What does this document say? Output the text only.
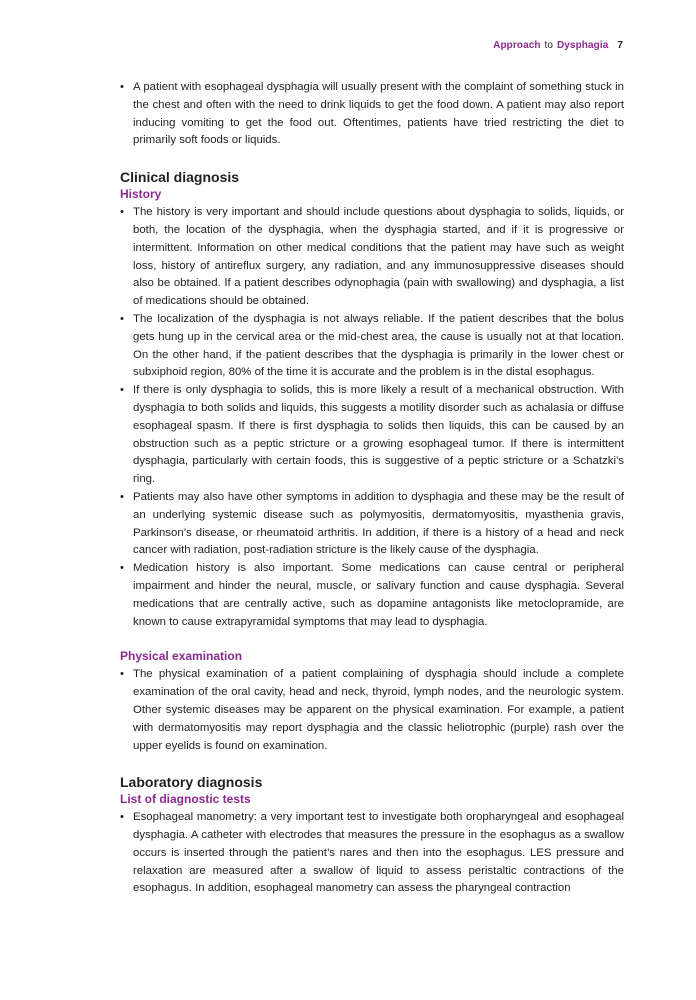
Approach to Dysphagia 7
• A patient with esophageal dysphagia will usually present with the complaint of something stuck in the chest and often with the need to drink liquids to get the food down. A patient may also report inducing vomiting to get the food out. Oftentimes, patients have tried restricting the diet to primarily soft foods or liquids.
Clinical diagnosis
History
• The history is very important and should include questions about dysphagia to solids, liquids, or both, the location of the dysphagia, when the dysphagia started, and if it is progressive or intermittent. Information on other medical conditions that the patient may have such as weight loss, history of antireflux surgery, any radiation, and any immunosuppressive diseases should also be obtained. If a patient describes odynophagia (pain with swallowing) and dysphagia, a list of medications should be obtained.
• The localization of the dysphagia is not always reliable. If the patient describes that the bolus gets hung up in the cervical area or the mid-chest area, the cause is usually not at that location. On the other hand, if the patient describes that the dysphagia is primarily in the lower chest or subxiphoid region, 80% of the time it is accurate and the problem is in the distal esophagus.
• If there is only dysphagia to solids, this is more likely a result of a mechanical obstruction. With dysphagia to both solids and liquids, this suggests a motility disorder such as achalasia or diffuse esophageal spasm. If there is first dysphagia to solids then liquids, this can be caused by an obstruction such as a peptic stricture or a growing esophageal tumor. If there is intermittent dysphagia, particularly with certain foods, this is suggestive of a peptic stricture or a Schatzki’s ring.
• Patients may also have other symptoms in addition to dysphagia and these may be the result of an underlying systemic disease such as polymyositis, dermatomyositis, myasthenia gravis, Parkinson’s disease, or rheumatoid arthritis. In addition, if there is a history of a head and neck cancer with radiation, post-radiation stricture is the likely cause of the dysphagia.
• Medication history is also important. Some medications can cause central or peripheral impairment and hinder the neural, muscle, or salivary function and cause dysphagia. Several medications that are centrally active, such as dopamine antagonists like metoclopramide, are known to cause extrapyramidal symptoms that may lead to dysphagia.
Physical examination
• The physical examination of a patient complaining of dysphagia should include a complete examination of the oral cavity, head and neck, thyroid, lymph nodes, and the neurologic system. Other systemic diseases may be apparent on the physical examination. For example, a patient with dermatomyositis may report dysphagia and the classic heliotrophic (purple) rash over the upper eyelids is found on examination.
Laboratory diagnosis
List of diagnostic tests
• Esophageal manometry: a very important test to investigate both oropharyngeal and esophageal dysphagia. A catheter with electrodes that measures the pressure in the esophagus as a swallow occurs is inserted through the patient’s nares and then into the esophagus. LES pressure and relaxation are measured after a swallow of liquid to assess peristaltic contractions of the esophagus. In addition, esophageal manometry can assess the pharyngeal contraction
